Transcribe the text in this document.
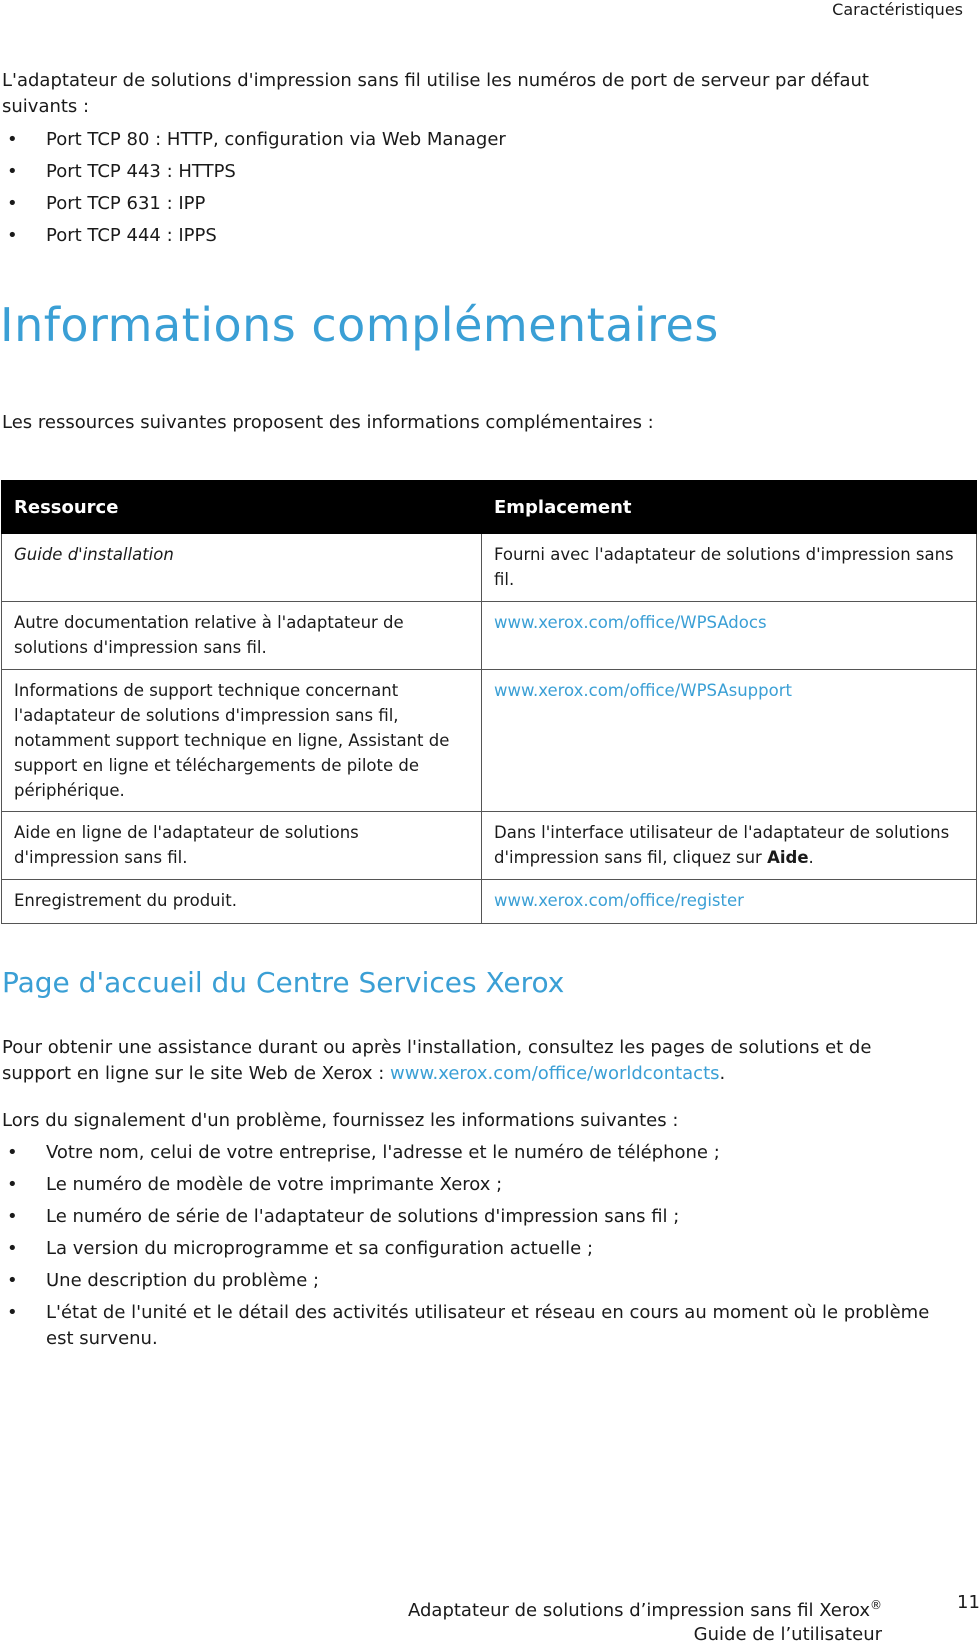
Caractéristiques

L'adaptateur de solutions d'impression sans fil utilise les numéros de port de serveur par défaut suivants :

• Port TCP 80 : HTTP, configuration via Web Manager
• Port TCP 443 : HTTPS
• Port TCP 631 : IPP
• Port TCP 444 : IPPS
Informations complémentaires

Les ressources suivantes proposent des informations complémentaires :

Ressource	Emplacement
Guide d'installation	Fourni avec l'adaptateur de solutions d'impression sans fil.
Autre documentation relative à l'adaptateur de solutions d'impression sans fil.	www.xerox.com/office/WPSAdocs
Informations de support technique concernant l'adaptateur de solutions d'impression sans fil, notamment support technique en ligne, Assistant de support en ligne et téléchargements de pilote de périphérique.	www.xerox.com/office/WPSAsupport
Aide en ligne de l'adaptateur de solutions d'impression sans fil.	Dans l'interface utilisateur de l'adaptateur de solutions d'impression sans fil, cliquez sur Aide.
Enregistrement du produit.	www.xerox.com/office/register
Page d'accueil du Centre Services Xerox

Pour obtenir une assistance durant ou après l'installation, consultez les pages de solutions et de support en ligne sur le site Web de Xerox : www.xerox.com/office/worldcontacts.

Lors du signalement d'un problème, fournissez les informations suivantes :

• Votre nom, celui de votre entreprise, l'adresse et le numéro de téléphone ;
• Le numéro de modèle de votre imprimante Xerox ;
• Le numéro de série de l'adaptateur de solutions d'impression sans fil ;
• La version du microprogramme et sa configuration actuelle ;
• Une description du problème ;
• L'état de l'unité et le détail des activités utilisateur et réseau en cours au moment où le problème est survenu.
Adaptateur de solutions d’impression sans fil Xerox®
Guide de l’utilisateur
11
